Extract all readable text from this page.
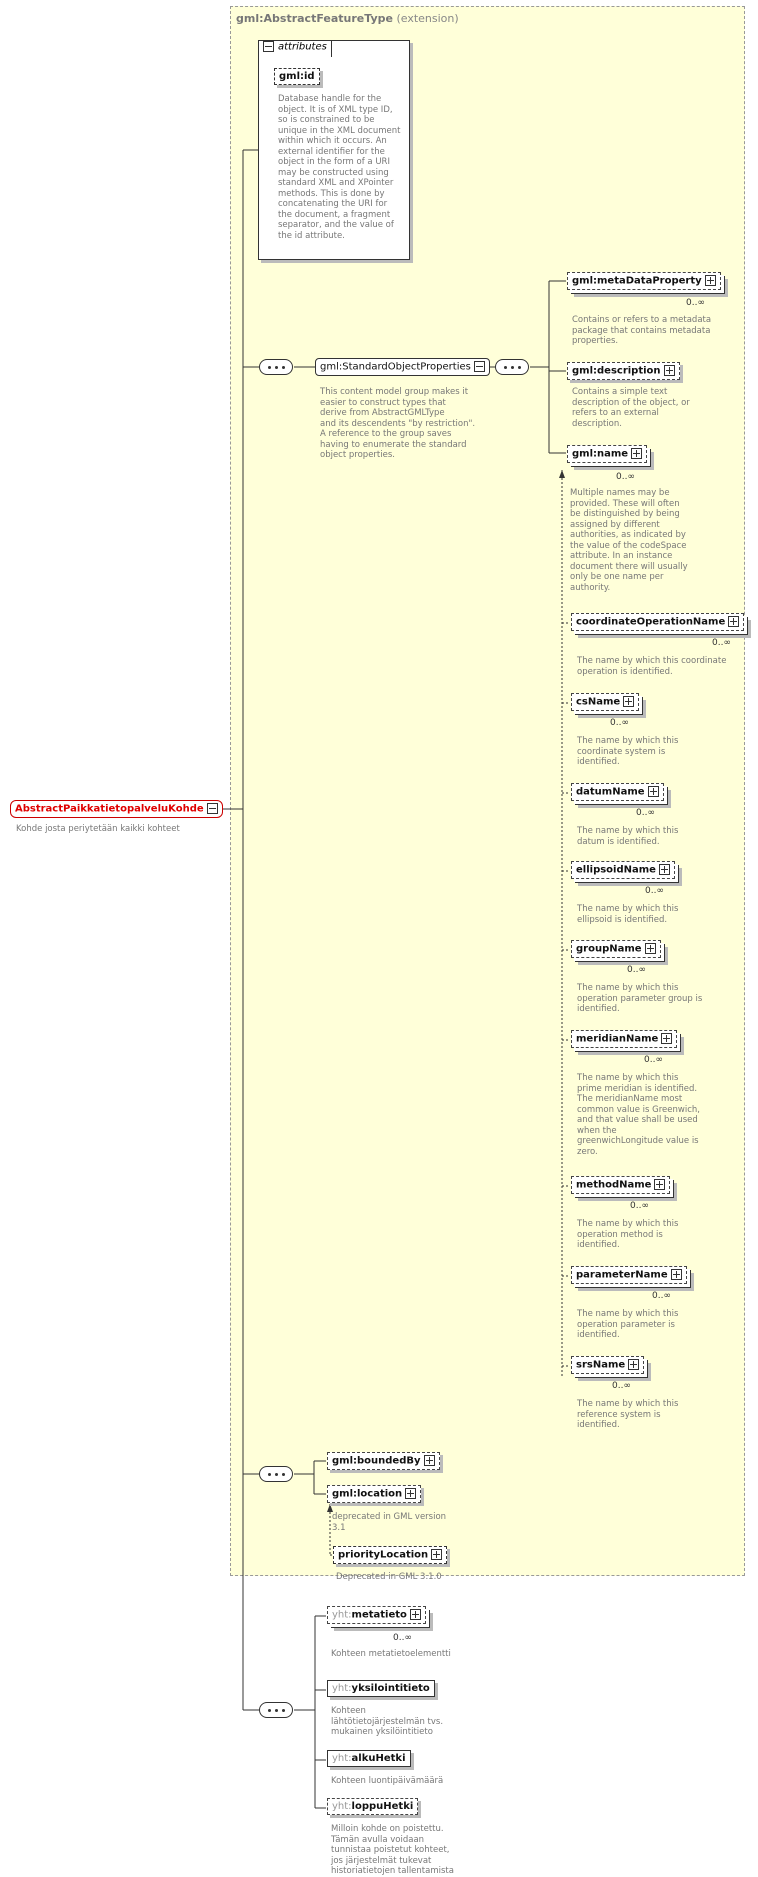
gml:AbstractFeatureType (extension)
AbstractPaikkatietopalveluKohde
Kohde josta periytetään kaikki kohteet
attributes
gml:id
Database handle for the
object. It is of XML type ID,
so is constrained to be
unique in the XML document
within which it occurs. An
external identifier for the
object in the form of a URI
may be constructed using
standard XML and XPointer
methods. This is done by
concatenating the URI for
the document, a fragment
separator, and the value of
the id attribute.
gml:StandardObjectProperties
This content model group makes it
easier to construct types that
derive from AbstractGMLType
and its descendents "by restriction".
A reference to the group saves
having to enumerate the standard
object properties.
gml:metaDataProperty
0..∞
Contains or refers to a metadata
package that contains metadata
properties.
gml:description
Contains a simple text
description of the object, or
refers to an external
description.
gml:name
0..∞
Multiple names may be
provided. These will often
be distinguished by being
assigned by different
authorities, as indicated by
the value of the codeSpace
attribute. In an instance
document there will usually
only be one name per
authority.
coordinateOperationName
0..∞
The name by which this coordinate
operation is identified.
csName
0..∞
The name by which this
coordinate system is
identified.
datumName
0..∞
The name by which this
datum is identified.
ellipsoidName
0..∞
The name by which this
ellipsoid is identified.
groupName
0..∞
The name by which this
operation parameter group is
identified.
meridianName
0..∞
The name by which this
prime meridian is identified.
The meridianName most
common value is Greenwich,
and that value shall be used
when the
greenwichLongitude value is
zero.
methodName
0..∞
The name by which this
operation method is
identified.
parameterName
0..∞
The name by which this
operation parameter is
identified.
srsName
0..∞
The name by which this
reference system is
identified.
gml:boundedBy
gml:location
deprecated in GML version
3.1
priorityLocation
Deprecated in GML 3.1.0
yht:metatieto
0..∞
Kohteen metatietoelementti
yht:yksilointitieto
Kohteen
lähtötietojärjestelmän tvs.
mukainen yksilöintitieto
yht:alkuHetki
Kohteen luontipäivämäärä
yht:loppuHetki
Milloin kohde on poistettu.
Tämän avulla voidaan
tunnistaa poistetut kohteet,
jos järjestelmät tukevat
historiatietojen tallentamista
